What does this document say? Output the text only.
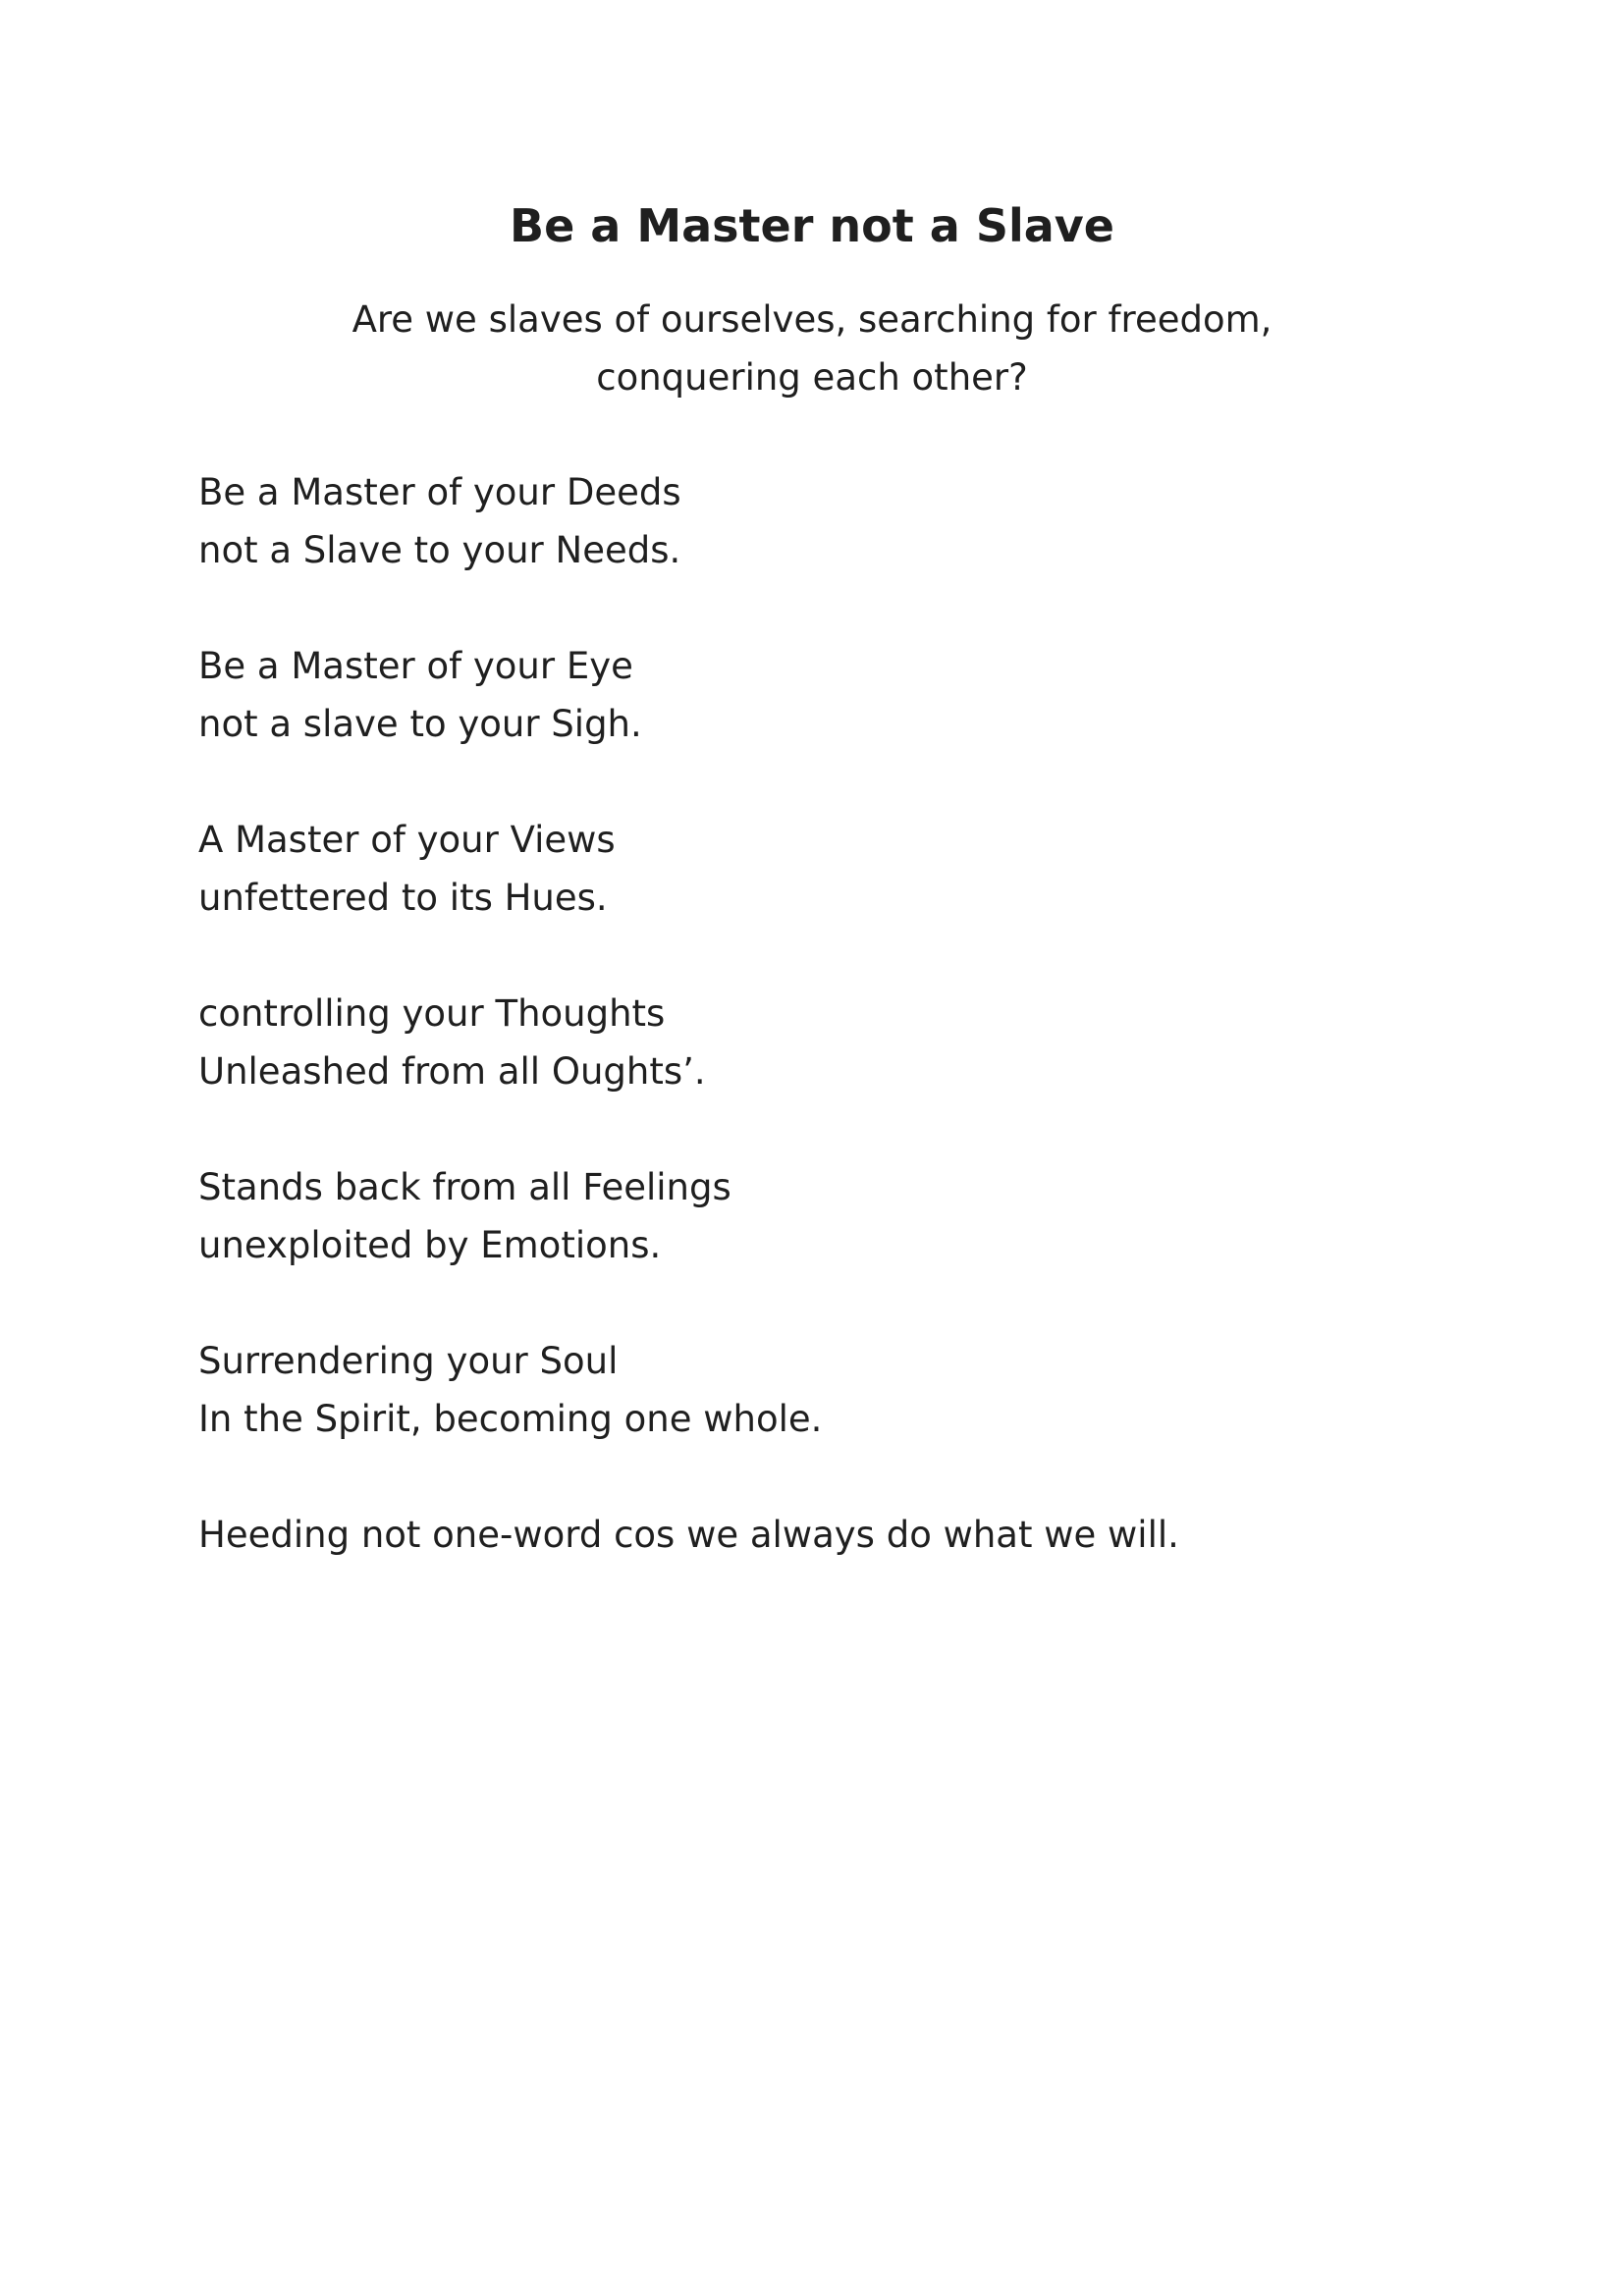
Be a Master not a Slave

Are we slaves of ourselves, searching for freedom,
conquering each other?

Be a Master of your Deeds
not a Slave to your Needs.
Be a Master of your Eye
not a slave to your Sigh.
A Master of your Views
unfettered to its Hues.
controlling your Thoughts
Unleashed from all Oughts’.
Stands back from all Feelings
unexploited by Emotions.
Surrendering your Soul
In the Spirit, becoming one whole.
Heeding not one-word cos we always do what we will.
